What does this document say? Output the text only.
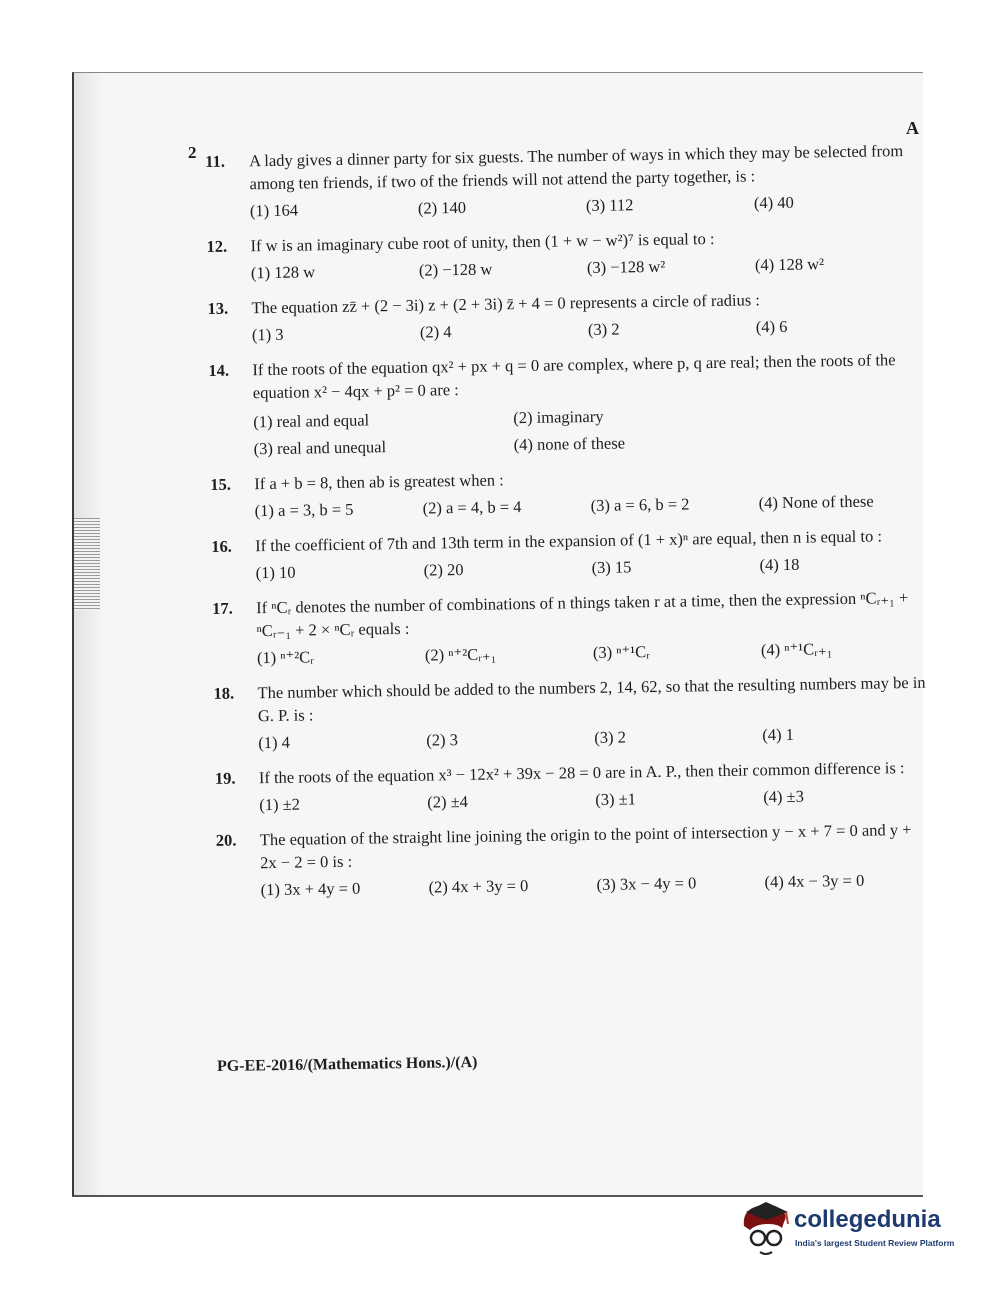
2
A
11. A lady gives a dinner party for six guests. The number of ways in which they may be selected from among ten friends, if two of the friends will not attend the party together, is :
(1) 164	(2) 140	(3) 112	(4) 40
12. If w is an imaginary cube root of unity, then (1 + w − w²)⁷ is equal to :
(1) 128 w	(2) −128 w	(3) −128 w²	(4) 128 w²
13. The equation zz̄ + (2 − 3i) z + (2 + 3i) z̄ + 4 = 0 represents a circle of radius :
(1) 3	(2) 4	(3) 2	(4) 6
14. If the roots of the equation qx² + px + q = 0 are complex, where p, q are real; then the roots of the equation x² − 4qx + p² = 0 are :
(1) real and equal	(2) imaginary
(3) real and unequal	(4) none of these
15. If a + b = 8, then ab is greatest when :
(1) a = 3, b = 5	(2) a = 4, b = 4	(3) a = 6, b = 2	(4) None of these
16. If the coefficient of 7th and 13th term in the expansion of (1 + x)ⁿ are equal, then n is equal to :
(1) 10	(2) 20	(3) 15	(4) 18
17. If ⁿCᵣ denotes the number of combinations of n things taken r at a time, then the expression ⁿCᵣ₊₁ + ⁿCᵣ₋₁ + 2 × ⁿCᵣ equals :
(1) ⁿ⁺²Cᵣ	(2) ⁿ⁺²Cᵣ₊₁	(3) ⁿ⁺¹Cᵣ	(4) ⁿ⁺¹Cᵣ₊₁
18. The number which should be added to the numbers 2, 14, 62, so that the resulting numbers may be in G. P. is :
(1) 4	(2) 3	(3) 2	(4) 1
19. If the roots of the equation x³ − 12x² + 39x − 28 = 0 are in A. P., then their common difference is :
(1) ±2	(2) ±4	(3) ±1	(4) ±3
20. The equation of the straight line joining the origin to the point of intersection y − x + 7 = 0 and y + 2x − 2 = 0 is :
(1) 3x + 4y = 0	(2) 4x + 3y = 0	(3) 3x − 4y = 0	(4) 4x − 3y = 0
PG-EE-2016/(Mathematics Hons.)/(A)
collegedunia
India's largest Student Review Platform
